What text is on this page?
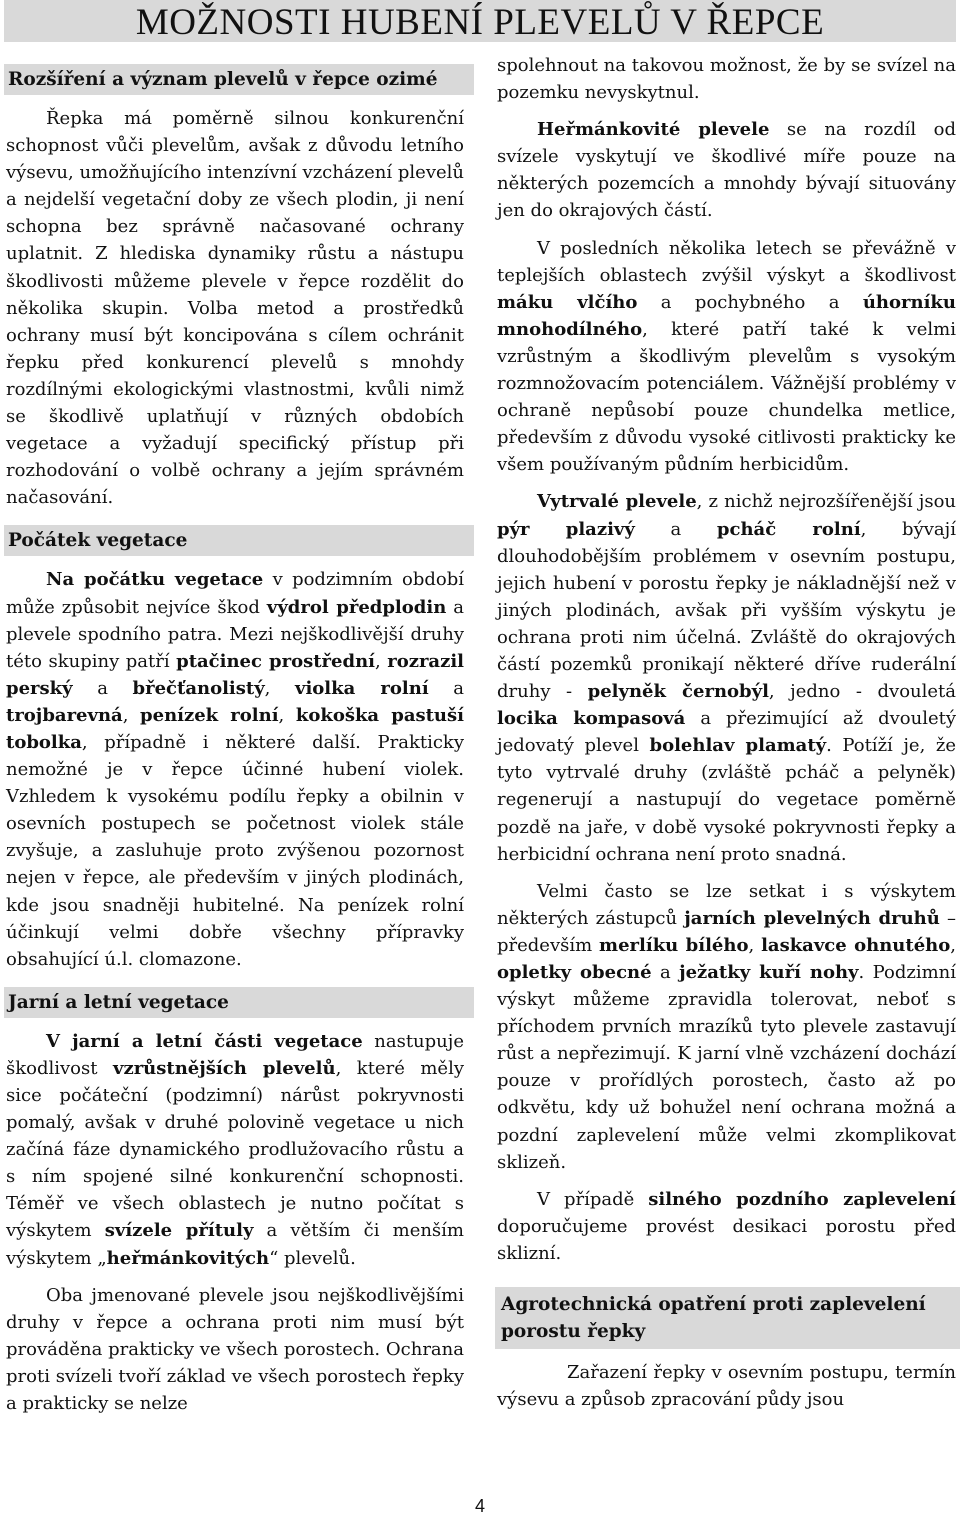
MOŽNOSTI HUBENÍ PLEVELŮ V ŘEPCE
Rozšíření a význam plevelů v řepce ozimé

Řepka má poměrně silnou konkurenční schopnost vůči plevelům, avšak z důvodu letního výsevu, umožňujícího intenzívní vzcházení plevelů a nejdelší vegetační doby ze všech plodin, ji není schopna bez správně načasované ochrany uplatnit. Z hlediska dynamiky růstu a nástupu škodlivosti můžeme plevele v řepce rozdělit do několika skupin. Volba metod a prostředků ochrany musí být koncipována s cílem ochránit řepku před konkurencí plevelů s mnohdy rozdílnými ekologickými vlastnostmi, kvůli nimž se škodlivě uplatňují v různých obdobích vegetace a vyžadují specifický přístup při rozhodování o volbě ochrany a jejím správném načasování.

Počátek vegetace

Na počátku vegetace v podzimním období může způsobit nejvíce škod výdrol předplodin a plevele spodního patra. Mezi nejškodlivější druhy této skupiny patří ptačinec prostřední, rozrazil perský a břečťanolistý, violka rolní a trojbarevná, penízek rolní, kokoška pastuší tobolka, případně i některé další. Prakticky nemožné je v řepce účinné hubení violek. Vzhledem k vysokému podílu řepky a obilnin v osevních postupech se početnost violek stále zvyšuje, a zasluhuje proto zvýšenou pozornost nejen v řepce, ale především v jiných plodinách, kde jsou snadněji hubitelné. Na penízek rolní účinkují velmi dobře všechny přípravky obsahující ú.l. clomazone.

Jarní a letní vegetace

V jarní a letní části vegetace nastupuje škodlivost vzrůstnějších plevelů, které měly sice počáteční (podzimní) nárůst pokryvnosti pomalý, avšak v druhé polovině vegetace u nich začíná fáze dynamického prodlužovacího růstu a s ním spojené silné konkurenční schopnosti. Téměř ve všech oblastech je nutno počítat s výskytem svízele přítuly a větším či menším výskytem „heřmánkovitých“ plevelů.

Oba jmenované plevele jsou nejškodlivějšími druhy v řepce a ochrana proti nim musí být prováděna prakticky ve všech porostech. Ochrana proti svízeli tvoří základ ve všech porostech řepky a prakticky se nelze

spolehnout na takovou možnost, že by se svízel na pozemku nevyskytnul.

Heřmánkovité plevele se na rozdíl od svízele vyskytují ve škodlivé míře pouze na některých pozemcích a mnohdy bývají situovány jen do okrajových částí.

V posledních několika letech se převážně v teplejších oblastech zvýšil výskyt a škodlivost máku vlčího a pochybného a úhorníku mnohodílného, které patří také k velmi vzrůstným a škodlivým plevelům s vysokým rozmnožovacím potenciálem. Vážnější problémy v ochraně nepůsobí pouze chundelka metlice, především z důvodu vysoké citlivosti prakticky ke všem používaným půdním herbicidům.

Vytrvalé plevele, z nichž nejrozšířenější jsou pýr plazivý a pcháč rolní, bývají dlouhodobějším problémem v osevním postupu, jejich hubení v porostu řepky je nákladnější než v jiných plodinách, avšak při vyšším výskytu je ochrana proti nim účelná. Zvláště do okrajových částí pozemků pronikají některé dříve ruderální druhy - pelyněk černobýl, jedno - dvouletá locika kompasová a přezimující až dvouletý jedovatý plevel bolehlav plamatý. Potíží je, že tyto vytrvalé druhy (zvláště pcháč a pelyněk) regenerují a nastupují do vegetace poměrně pozdě na jaře, v době vysoké pokryvnosti řepky a herbicidní ochrana není proto snadná.

Velmi často se lze setkat i s výskytem některých zástupců jarních plevelných druhů – především merlíku bílého, laskavce ohnutého, opletky obecné a ježatky kuří nohy. Podzimní výskyt můžeme zpravidla tolerovat, neboť s příchodem prvních mrazíků tyto plevele zastavují růst a nepřezimují. K jarní vlně vzcházení dochází pouze v prořídlých porostech, často až po odkvětu, kdy už bohužel není ochrana možná a pozdní zaplevelení může velmi zkomplikovat sklizeň.

V případě silného pozdního zaplevelení doporučujeme provést desikaci porostu před sklizní.

Agrotechnická opatření proti zaplevelení porostu řepky

Zařazení řepky v osevním postupu, termín výsevu a způsob zpracování půdy jsou

4
